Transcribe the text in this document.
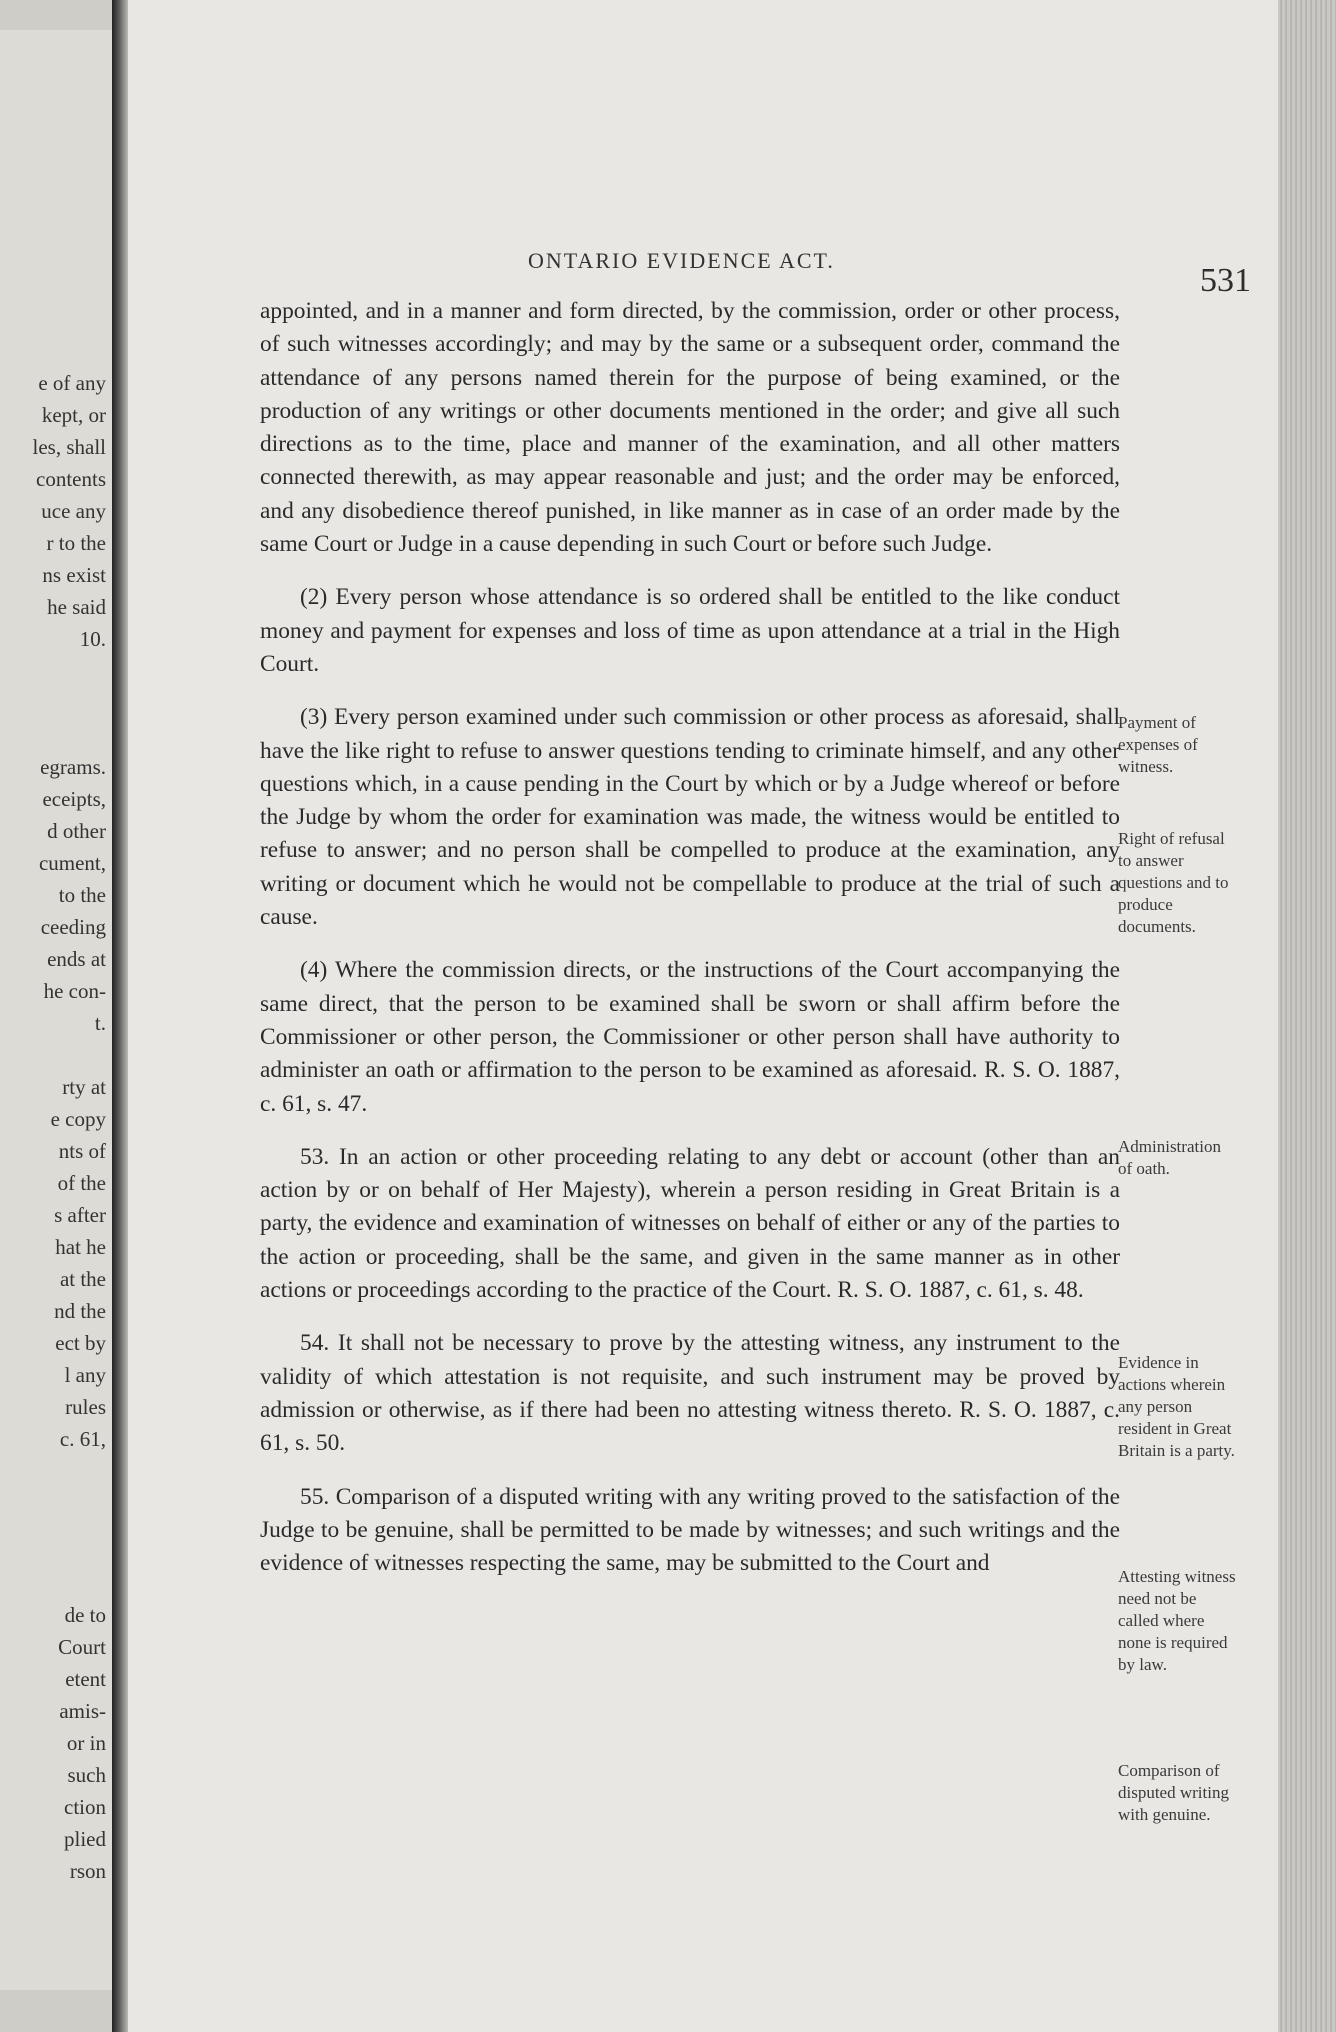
e of any
kept, or
les, shall
contents
uce any
r to the
ns exist
he said
10.
egrams.
eceipts,
d other
cument,
to the
ceeding
ends at
he con-
t.
rty at
e copy
nts of
of the
s after
hat he
at the
nd the
ect by
l any
rules
c. 61,
de to
Court
etent
amis-
or in
such
ction
plied
rson
ONTARIO EVIDENCE ACT.
531

appointed, and in a manner and form directed, by the commission, order or other process, of such witnesses accordingly; and may by the same or a subsequent order, command the attendance of any persons named therein for the purpose of being examined, or the production of any writings or other documents mentioned in the order; and give all such directions as to the time, place and manner of the examination, and all other matters connected therewith, as may appear reasonable and just; and the order may be enforced, and any disobedience thereof punished, in like manner as in case of an order made by the same Court or Judge in a cause depending in such Court or before such Judge.

(2) Every person whose attendance is so ordered shall be entitled to the like conduct money and payment for expenses and loss of time as upon attendance at a trial in the High Court.

(3) Every person examined under such commission or other process as aforesaid, shall have the like right to refuse to answer questions tending to criminate himself, and any other questions which, in a cause pending in the Court by which or by a Judge whereof or before the Judge by whom the order for examination was made, the witness would be entitled to refuse to answer; and no person shall be compelled to produce at the examination, any writing or document which he would not be compellable to produce at the trial of such a cause.

(4) Where the commission directs, or the instructions of the Court accompanying the same direct, that the person to be examined shall be sworn or shall affirm before the Commissioner or other person, the Commissioner or other person shall have authority to administer an oath or affirmation to the person to be examined as aforesaid. R. S. O. 1887, c. 61, s. 47.

53. In an action or other proceeding relating to any debt or account (other than an action by or on behalf of Her Majesty), wherein a person residing in Great Britain is a party, the evidence and examination of witnesses on behalf of either or any of the parties to the action or proceeding, shall be the same, and given in the same manner as in other actions or proceedings according to the practice of the Court. R. S. O. 1887, c. 61, s. 48.

54. It shall not be necessary to prove by the attesting witness, any instrument to the validity of which attestation is not requisite, and such instrument may be proved by admission or otherwise, as if there had been no attesting witness thereto. R. S. O. 1887, c. 61, s. 50.

55. Comparison of a disputed writing with any writing proved to the satisfaction of the Judge to be genuine, shall be permitted to be made by witnesses; and such writings and the evidence of witnesses respecting the same, may be submitted to the Court and

Payment of expenses of witness.
Right of refusal to answer questions and to produce documents.
Administration of oath.
Evidence in actions wherein any person resident in Great Britain is a party.
Attesting witness need not be called where none is required by law.
Comparison of disputed writing with genuine.
